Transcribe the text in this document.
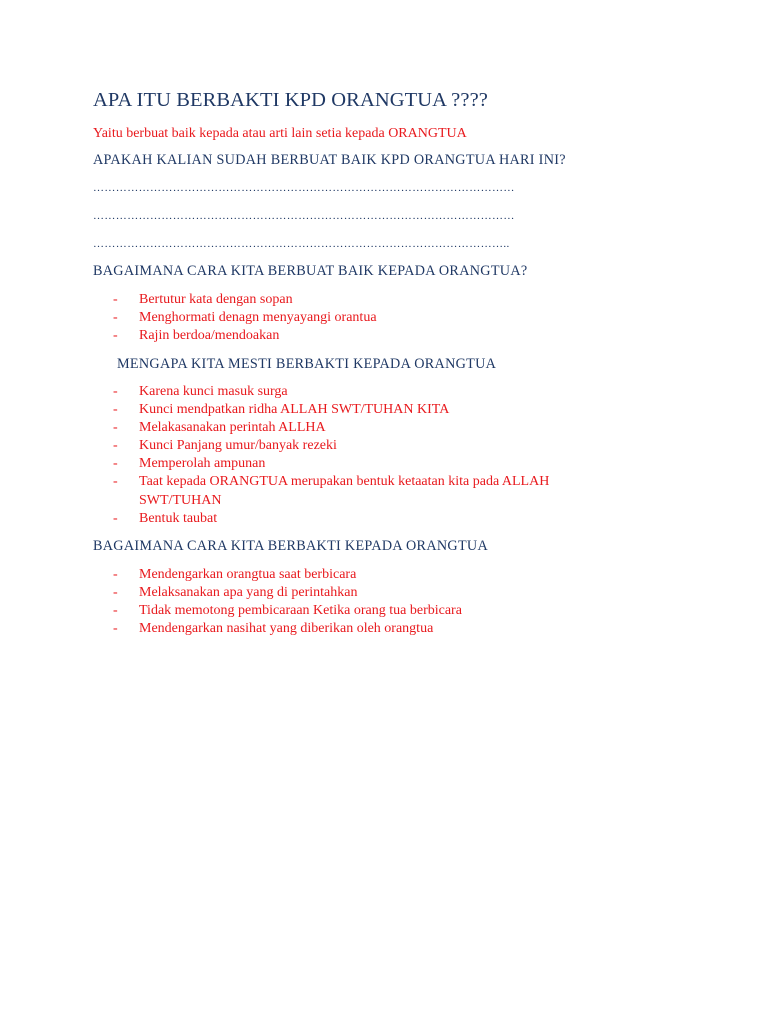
APA ITU BERBAKTI KPD ORANGTUA ????
Yaitu berbuat baik kepada atau arti lain setia kepada ORANGTUA
APAKAH KALIAN SUDAH BERBUAT BAIK KPD ORANGTUA HARI INI?
…………………………………………………………………………………………………
…………………………………………………………………………………………………
………………………………………………………………………………………………..
BAGAIMANA CARA KITA BERBUAT BAIK KEPADA ORANGTUA?
- Bertutur kata dengan sopan
- Menghormati denagn menyayangi orantua
- Rajin berdoa/mendoakan
MENGAPA KITA MESTI BERBAKTI KEPADA ORANGTUA
- Karena kunci masuk surga
- Kunci mendpatkan ridha ALLAH SWT/TUHAN KITA
- Melakasanakan perintah ALLHA
- Kunci Panjang umur/banyak rezeki
- Memperolah ampunan
- Taat kepada ORANGTUA merupakan bentuk ketaatan kita pada ALLAH SWT/TUHAN
- Bentuk taubat
BAGAIMANA CARA KITA BERBAKTI KEPADA ORANGTUA
- Mendengarkan orangtua saat berbicara
- Melaksanakan apa yang di perintahkan
- Tidak memotong pembicaraan Ketika orang tua berbicara
- Mendengarkan nasihat yang diberikan oleh orangtua
